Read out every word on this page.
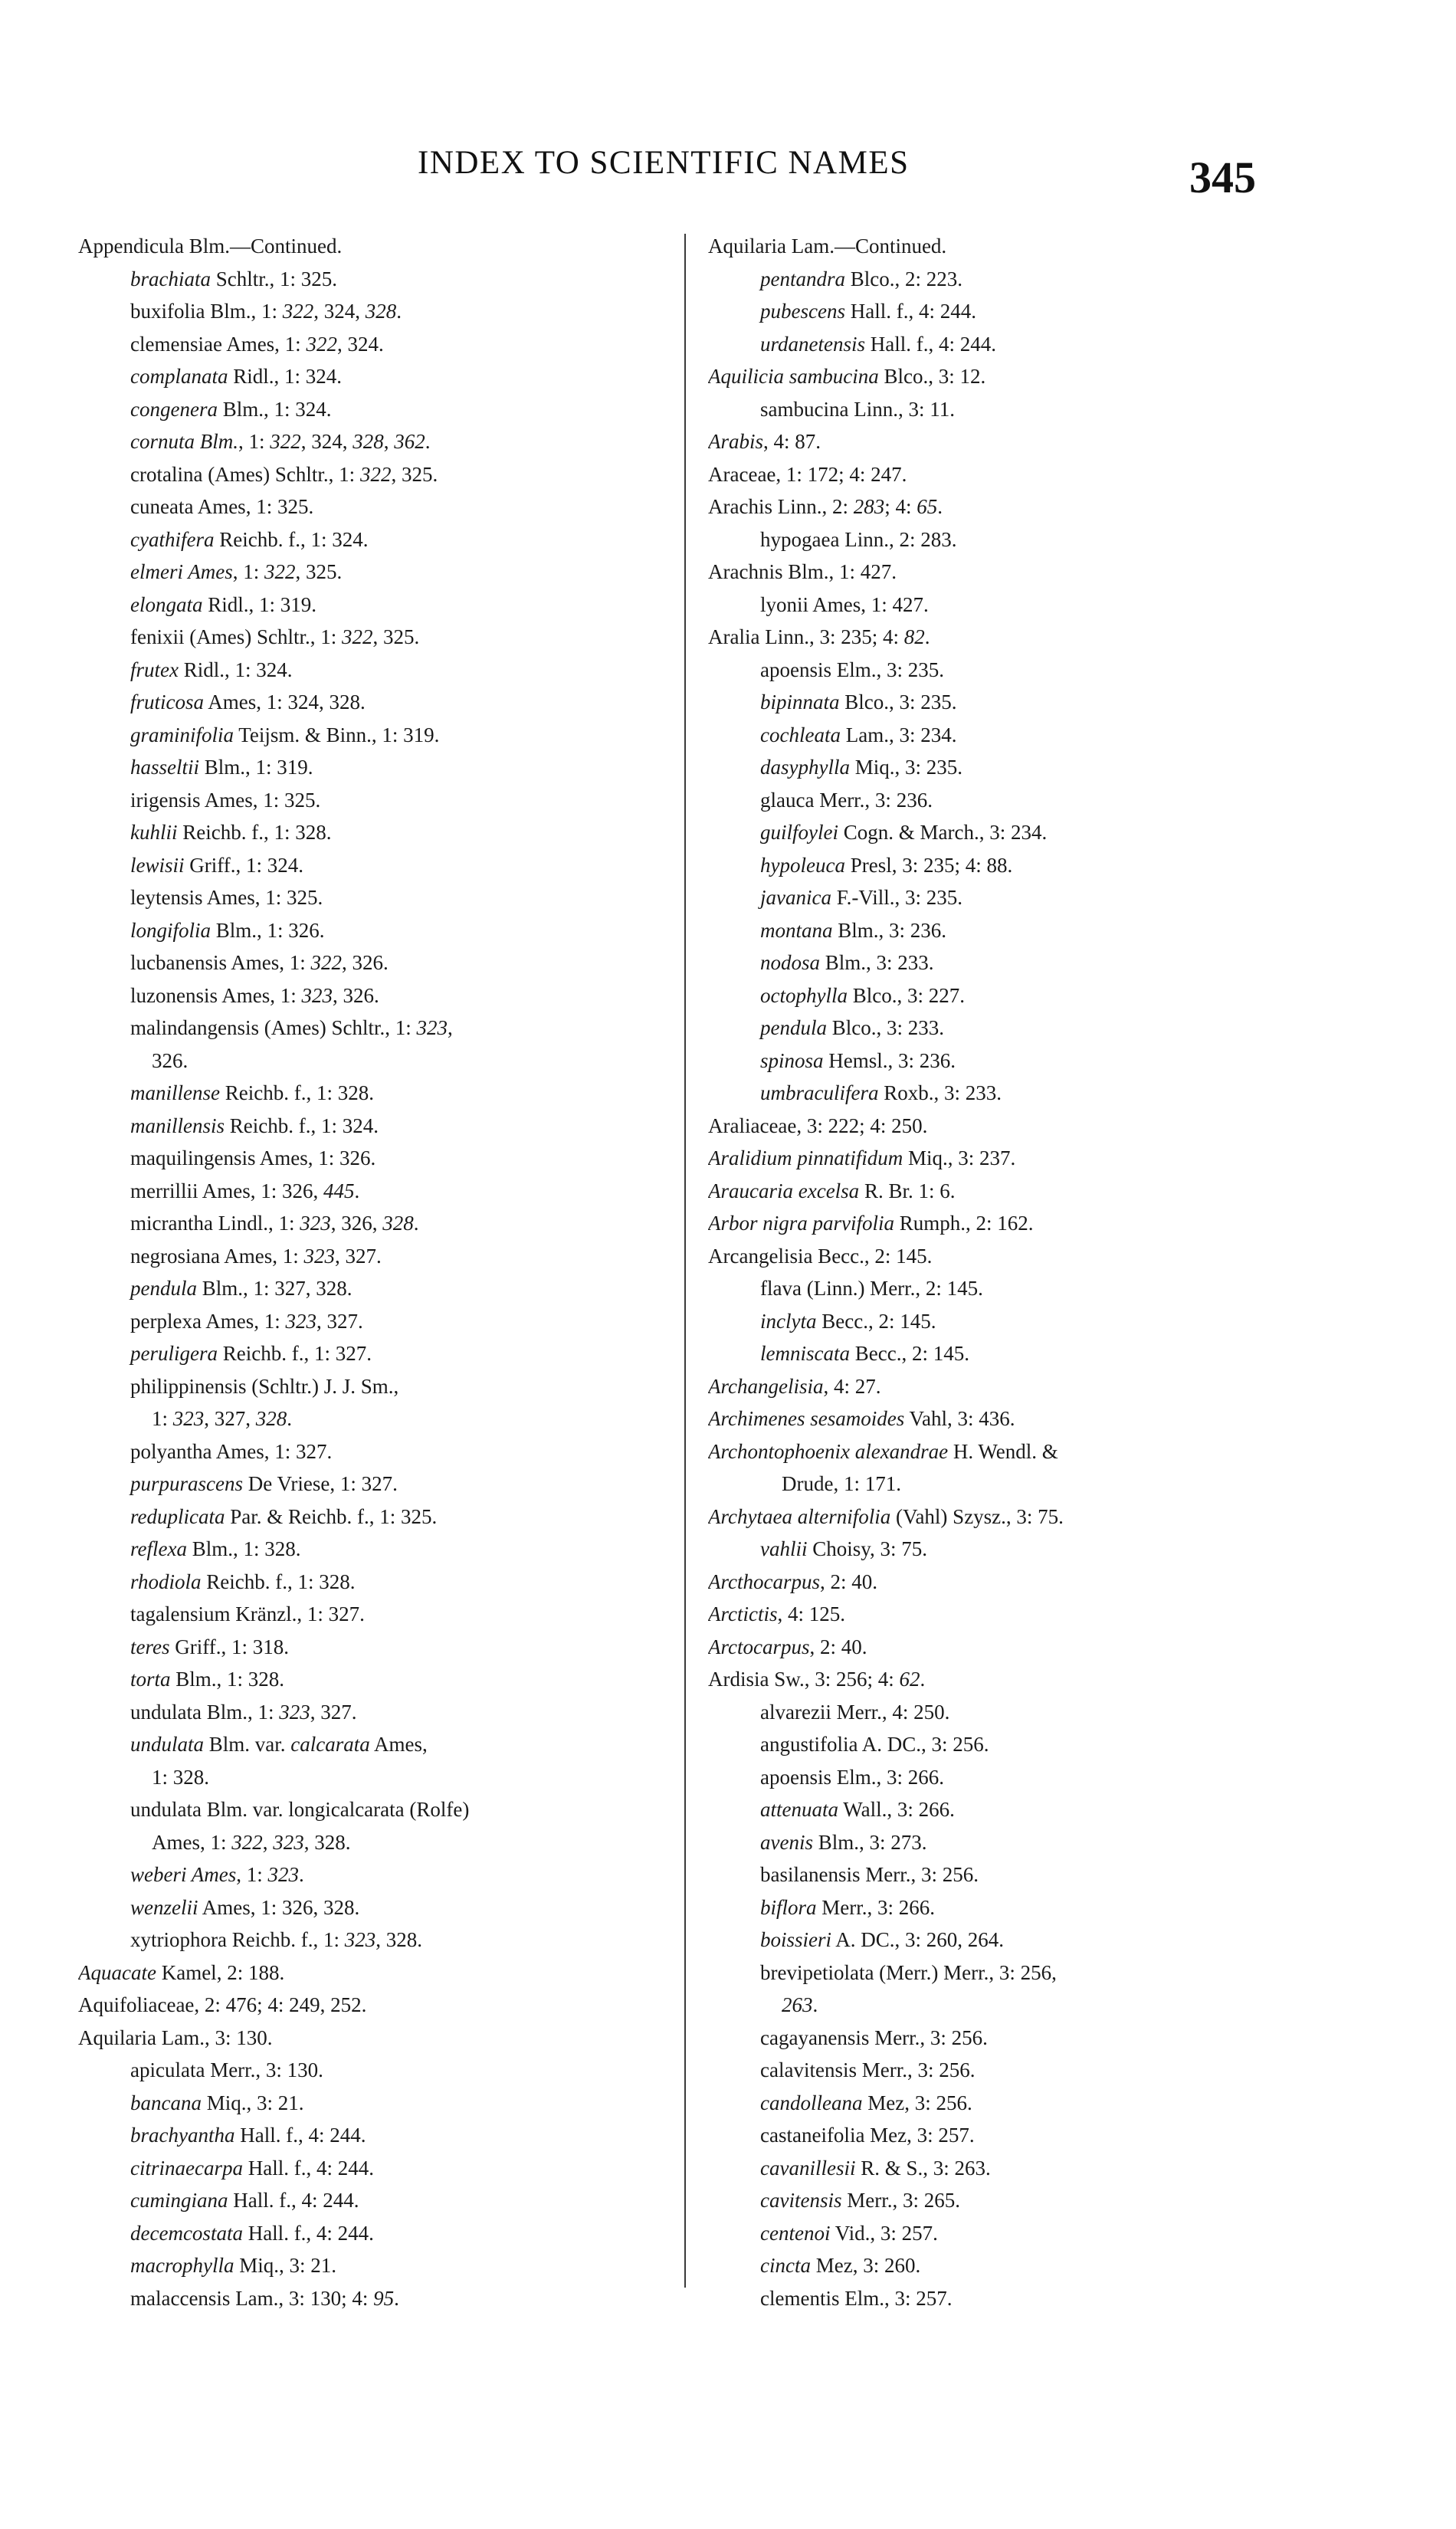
INDEX TO SCIENTIFIC NAMES	345
Appendicula Blm.—Continued.
brachiata Schltr., 1: 325.
buxifolia Blm., 1: 322, 324, 328.
clemensiae Ames, 1: 322, 324.
complanata Ridl., 1: 324.
congenera Blm., 1: 324.
cornuta Blm., 1: 322, 324, 328, 362.
crotalina (Ames) Schltr., 1: 322, 325.
cuneata Ames, 1: 325.
cyathifera Reichb. f., 1: 324.
elmeri Ames, 1: 322, 325.
elongata Ridl., 1: 319.
fenixii (Ames) Schltr., 1: 322, 325.
frutex Ridl., 1: 324.
fruticosa Ames, 1: 324, 328.
graminifolia Teijsm. & Binn., 1: 319.
hasseltii Blm., 1: 319.
irigensis Ames, 1: 325.
kuhlii Reichb. f., 1: 328.
lewisii Griff., 1: 324.
leytensis Ames, 1: 325.
longifolia Blm., 1: 326.
lucbanensis Ames, 1: 322, 326.
luzonensis Ames, 1: 323, 326.
malindangensis (Ames) Schltr., 1: 323,
326.
manillense Reichb. f., 1: 328.
manillensis Reichb. f., 1: 324.
maquilingensis Ames, 1: 326.
merrillii Ames, 1: 326, 445.
micrantha Lindl., 1: 323, 326, 328.
negrosiana Ames, 1: 323, 327.
pendula Blm., 1: 327, 328.
perplexa Ames, 1: 323, 327.
peruligera Reichb. f., 1: 327.
philippinensis (Schltr.) J. J. Sm.,
1: 323, 327, 328.
polyantha Ames, 1: 327.
purpurascens De Vriese, 1: 327.
reduplicata Par. & Reichb. f., 1: 325.
reflexa Blm., 1: 328.
rhodiola Reichb. f., 1: 328.
tagalensium Kränzl., 1: 327.
teres Griff., 1: 318.
torta Blm., 1: 328.
undulata Blm., 1: 323, 327.
undulata Blm. var. calcarata Ames,
1: 328.
undulata Blm. var. longicalcarata (Rolfe)
Ames, 1: 322, 323, 328.
weberi Ames, 1: 323.
wenzelii Ames, 1: 326, 328.
xytriophora Reichb. f., 1: 323, 328.
Aquacate Kamel, 2: 188.
Aquifoliaceae, 2: 476; 4: 249, 252.
Aquilaria Lam., 3: 130.
apiculata Merr., 3: 130.
bancana Miq., 3: 21.
brachyantha Hall. f., 4: 244.
citrinaecarpa Hall. f., 4: 244.
cumingiana Hall. f., 4: 244.
decemcostata Hall. f., 4: 244.
macrophylla Miq., 3: 21.
malaccensis Lam., 3: 130; 4: 95.
Aquilaria Lam.—Continued.
pentandra Blco., 2: 223.
pubescens Hall. f., 4: 244.
urdanetensis Hall. f., 4: 244.
Aquilicia sambucina Blco., 3: 12.
sambucina Linn., 3: 11.
Arabis, 4: 87.
Araceae, 1: 172; 4: 247.
Arachis Linn., 2: 283; 4: 65.
hypogaea Linn., 2: 283.
Arachnis Blm., 1: 427.
lyonii Ames, 1: 427.
Aralia Linn., 3: 235; 4: 82.
apoensis Elm., 3: 235.
bipinnata Blco., 3: 235.
cochleata Lam., 3: 234.
dasyphylla Miq., 3: 235.
glauca Merr., 3: 236.
guilfoylei Cogn. & March., 3: 234.
hypoleuca Presl, 3: 235; 4: 88.
javanica F.-Vill., 3: 235.
montana Blm., 3: 236.
nodosa Blm., 3: 233.
octophylla Blco., 3: 227.
pendula Blco., 3: 233.
spinosa Hemsl., 3: 236.
umbraculifera Roxb., 3: 233.
Araliaceae, 3: 222; 4: 250.
Aralidium pinnatifidum Miq., 3: 237.
Araucaria excelsa R. Br. 1: 6.
Arbor nigra parvifolia Rumph., 2: 162.
Arcangelisia Becc., 2: 145.
flava (Linn.) Merr., 2: 145.
inclyta Becc., 2: 145.
lemniscata Becc., 2: 145.
Archangelisia, 4: 27.
Archimenes sesamoides Vahl, 3: 436.
Archontophoenix alexandrae H. Wendl. &
Drude, 1: 171.
Archytaea alternifolia (Vahl) Szysz., 3: 75.
vahlii Choisy, 3: 75.
Arcthocarpus, 2: 40.
Arctictis, 4: 125.
Arctocarpus, 2: 40.
Ardisia Sw., 3: 256; 4: 62.
alvarezii Merr., 4: 250.
angustifolia A. DC., 3: 256.
apoensis Elm., 3: 266.
attenuata Wall., 3: 266.
avenis Blm., 3: 273.
basilanensis Merr., 3: 256.
biflora Merr., 3: 266.
boissieri A. DC., 3: 260, 264.
brevipetiolata (Merr.) Merr., 3: 256,
263.
cagayanensis Merr., 3: 256.
calavitensis Merr., 3: 256.
candolleana Mez, 3: 256.
castaneifolia Mez, 3: 257.
cavanillesii R. & S., 3: 263.
cavitensis Merr., 3: 265.
centenoi Vid., 3: 257.
cincta Mez, 3: 260.
clementis Elm., 3: 257.
